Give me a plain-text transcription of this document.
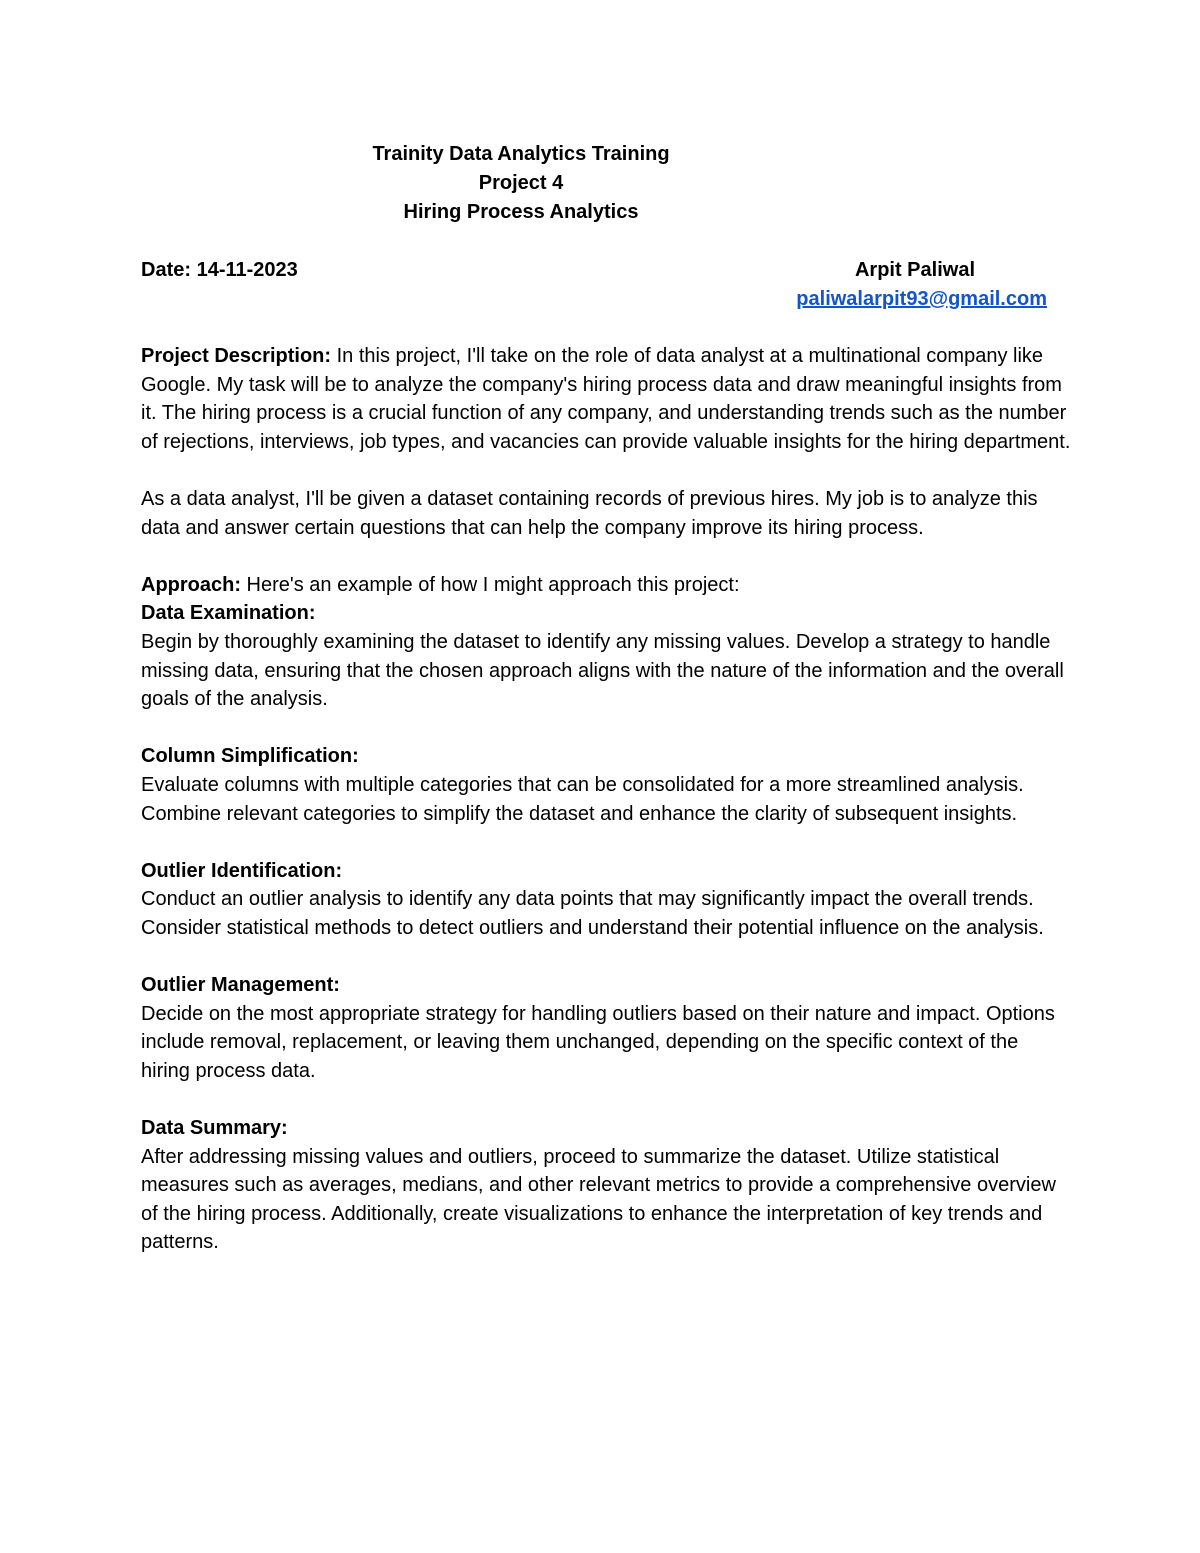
Trainity Data Analytics Training
Project 4
Hiring Process Analytics
Date: 14-11-2023	Arpit Paliwal
paliwalarpit93@gmail.com

Project Description: In this project, I'll take on the role of data analyst at a multinational company like Google. My task will be to analyze the company's hiring process data and draw meaningful insights from it. The hiring process is a crucial function of any company, and understanding trends such as the number of rejections, interviews, job types, and vacancies can provide valuable insights for the hiring department.

As a data analyst, I'll be given a dataset containing records of previous hires. My job is to analyze this data and answer certain questions that can help the company improve its hiring process.

Approach: Here's an example of how I might approach this project:

Data Examination:
Begin by thoroughly examining the dataset to identify any missing values. Develop a strategy to handle missing data, ensuring that the chosen approach aligns with the nature of the information and the overall goals of the analysis.

Column Simplification:
Evaluate columns with multiple categories that can be consolidated for a more streamlined analysis. Combine relevant categories to simplify the dataset and enhance the clarity of subsequent insights.

Outlier Identification:
Conduct an outlier analysis to identify any data points that may significantly impact the overall trends. Consider statistical methods to detect outliers and understand their potential influence on the analysis.

Outlier Management:
Decide on the most appropriate strategy for handling outliers based on their nature and impact. Options include removal, replacement, or leaving them unchanged, depending on the specific context of the hiring process data.

Data Summary:
After addressing missing values and outliers, proceed to summarize the dataset. Utilize statistical measures such as averages, medians, and other relevant metrics to provide a comprehensive overview of the hiring process. Additionally, create visualizations to enhance the interpretation of key trends and patterns.
